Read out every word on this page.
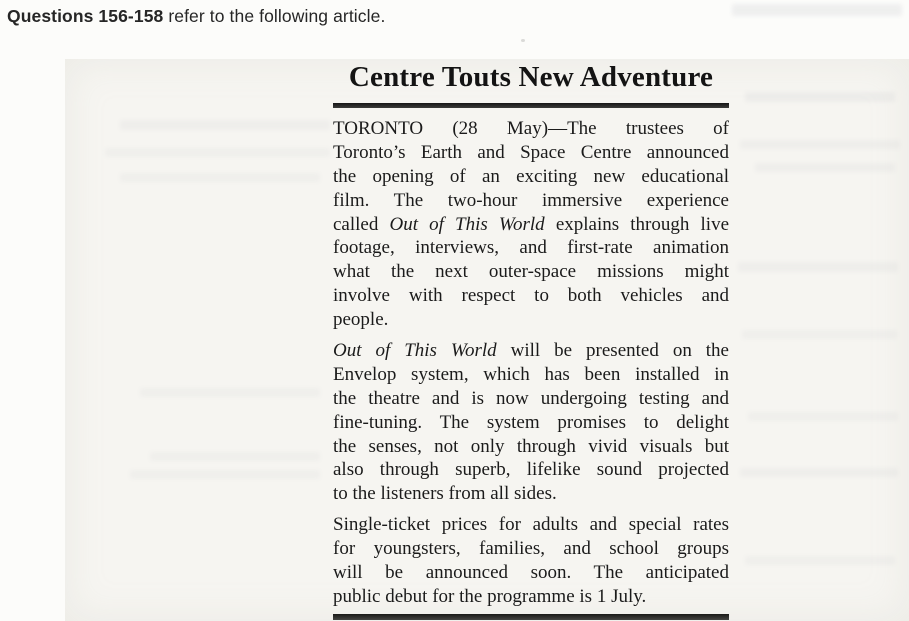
Questions 156-158 refer to the following article.
Centre Touts New Adventure
TORONTO (28 May)—The trustees of
Toronto’s Earth and Space Centre announced
the opening of an exciting new educational
film. The two-hour immersive experience
called Out of This World explains through live
footage, interviews, and first-rate animation
what the next outer-space missions might
involve with respect to both vehicles and
people.
Out of This World will be presented on the
Envelop system, which has been installed in
the theatre and is now undergoing testing and
fine-tuning. The system promises to delight
the senses, not only through vivid visuals but
also through superb, lifelike sound projected
to the listeners from all sides.
Single-ticket prices for adults and special rates
for youngsters, families, and school groups
will be announced soon. The anticipated
public debut for the programme is 1 July.
